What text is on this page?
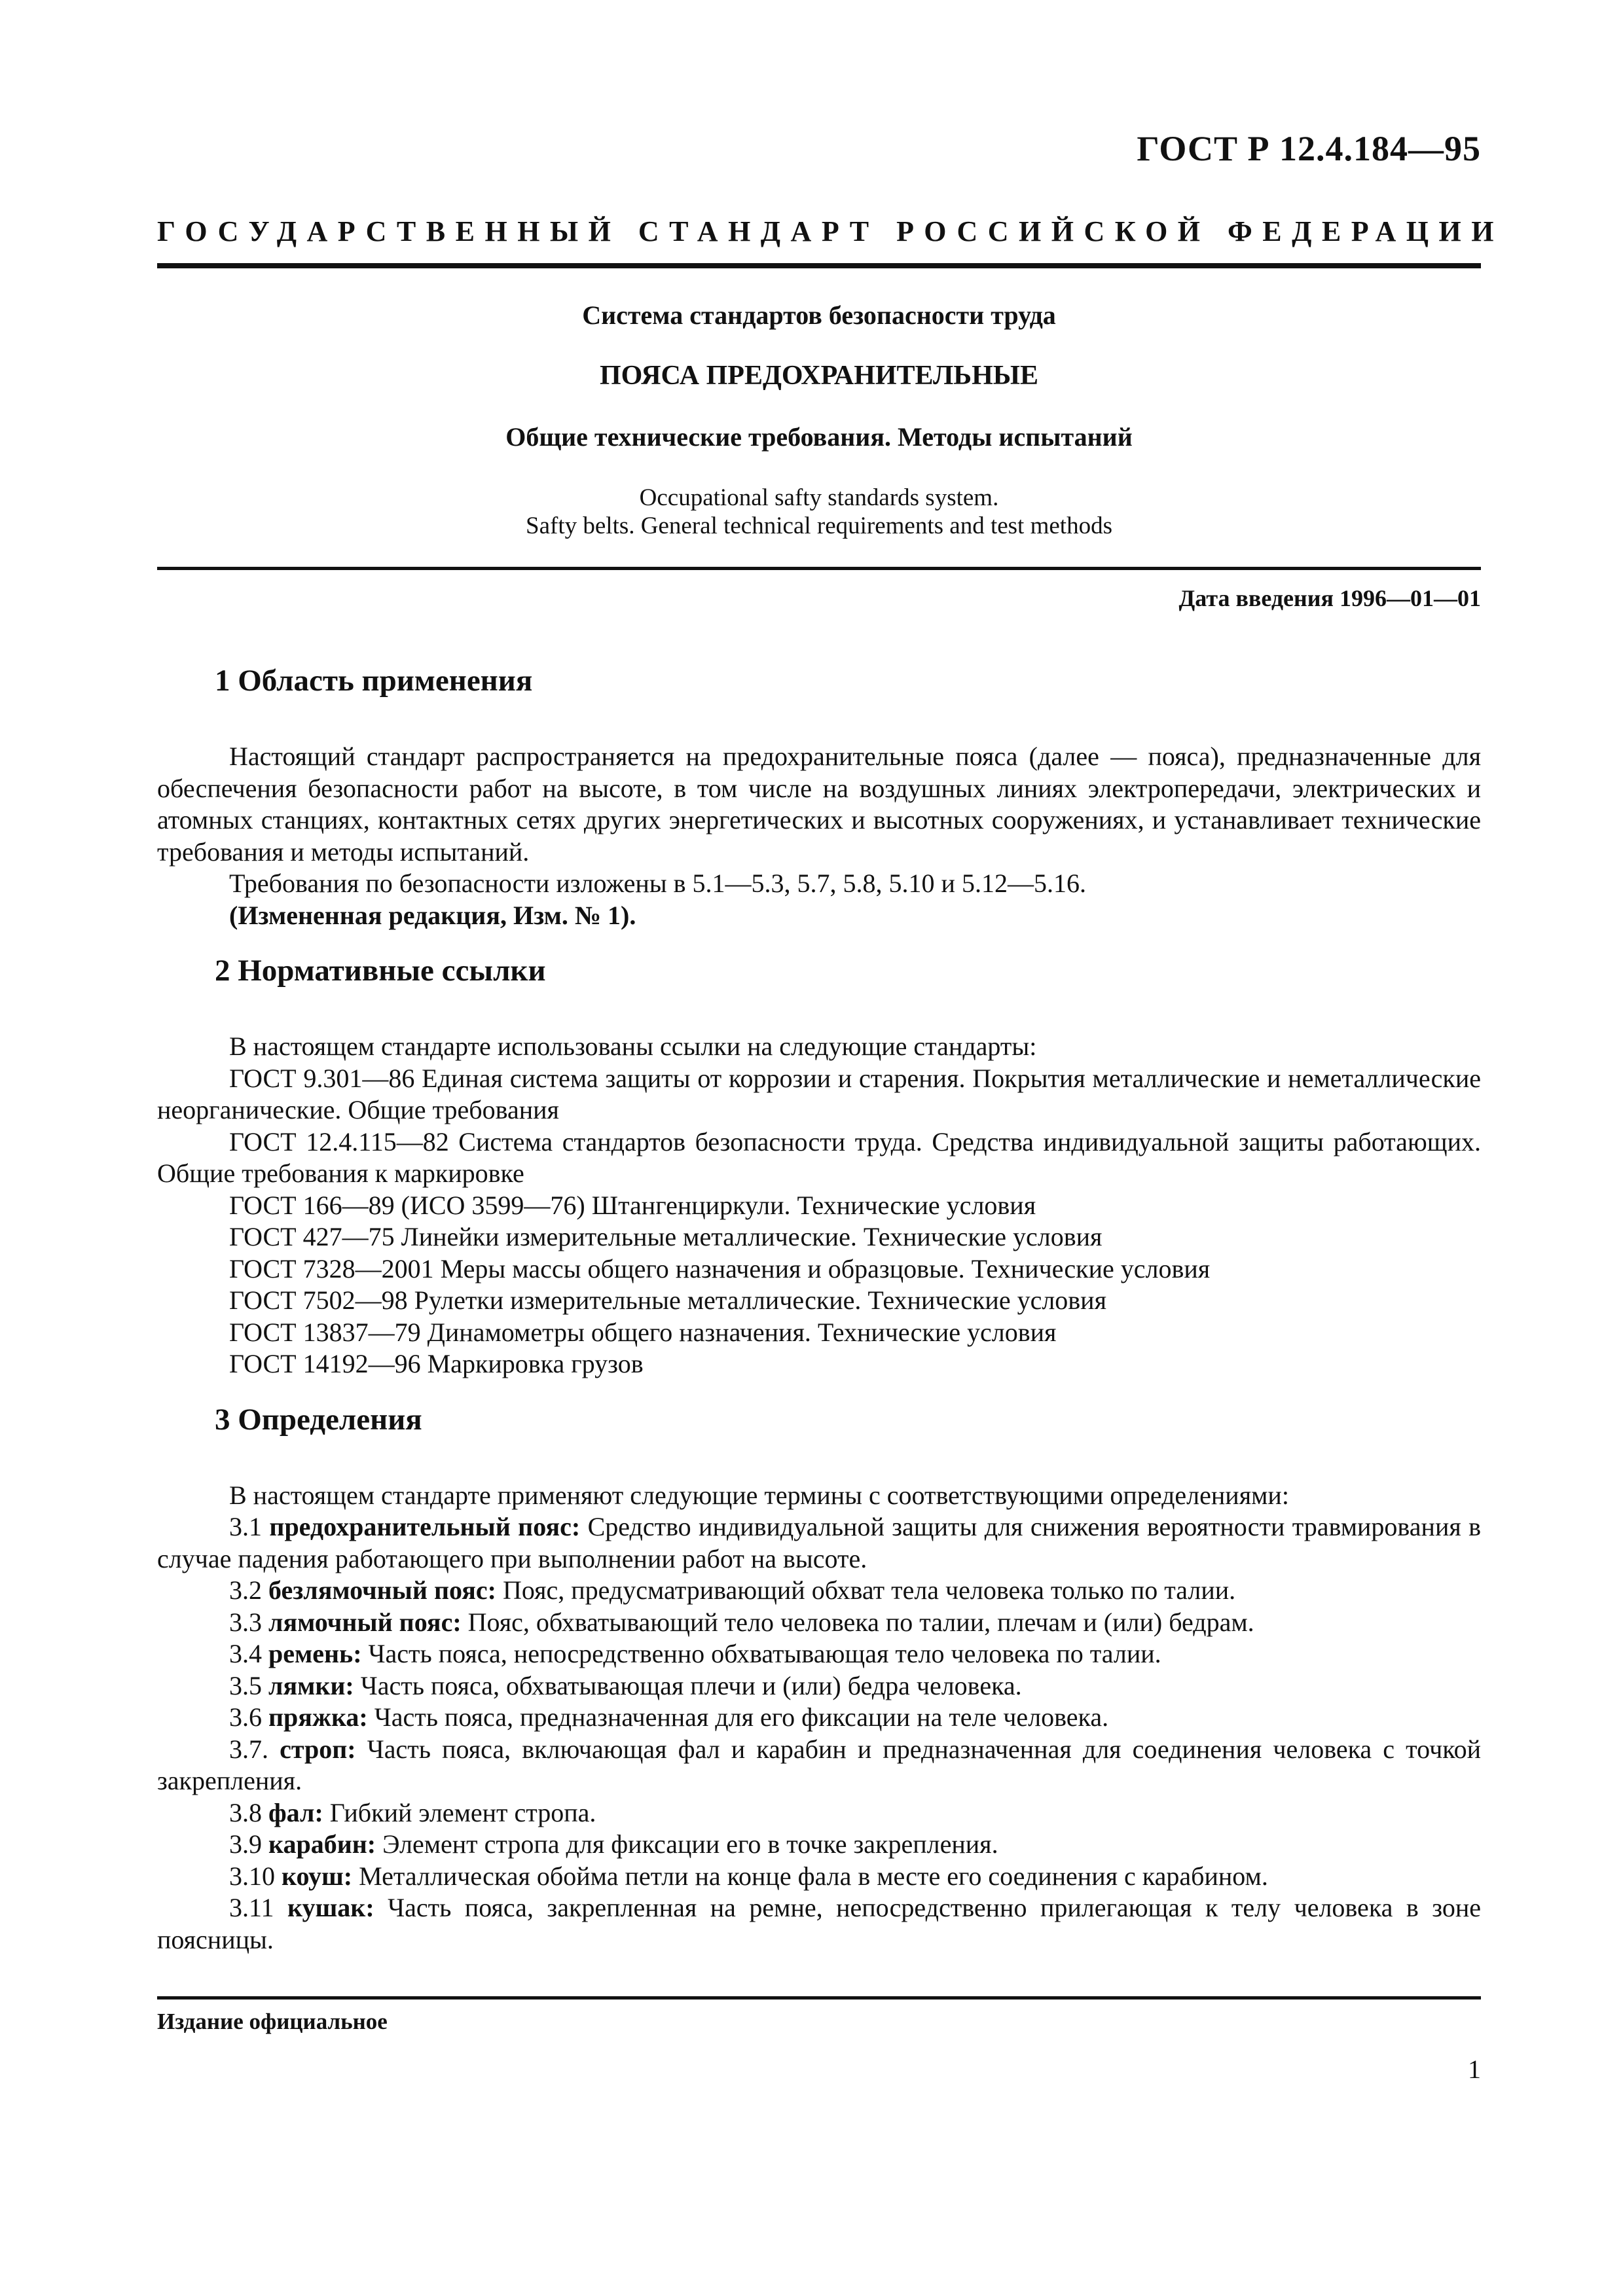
ГОСТ Р 12.4.184—95
ГОСУДАРСТВЕННЫЙ СТАНДАРТ РОССИЙСКОЙ ФЕДЕРАЦИИ
Система стандартов безопасности труда
ПОЯСА ПРЕДОХРАНИТЕЛЬНЫЕ
Общие технические требования. Методы испытаний
Occupational safty standards system.
Safty belts. General technical requirements and test methods
Дата введения 1996—01—01
1 Область применения

Настоящий стандарт распространяется на предохранительные пояса (далее — пояса), предназначенные для обеспечения безопасности работ на высоте, в том числе на воздушных линиях электропередачи, электрических и атомных станциях, контактных сетях других энергетических и высотных сооружениях, и устанавливает технические требования и методы испытаний.

Требования по безопасности изложены в 5.1—5.3, 5.7, 5.8, 5.10 и 5.12—5.16.

(Измененная редакция, Изм. № 1).

2 Нормативные ссылки

В настоящем стандарте использованы ссылки на следующие стандарты:

ГОСТ 9.301—86 Единая система защиты от коррозии и старения. Покрытия металлические и неметаллические неорганические. Общие требования

ГОСТ 12.4.115—82 Система стандартов безопасности труда. Средства индивидуальной защиты работающих. Общие требования к маркировке

ГОСТ 166—89 (ИСО 3599—76) Штангенциркули. Технические условия

ГОСТ 427—75 Линейки измерительные металлические. Технические условия

ГОСТ 7328—2001 Меры массы общего назначения и образцовые. Технические условия

ГОСТ 7502—98 Рулетки измерительные металлические. Технические условия

ГОСТ 13837—79 Динамометры общего назначения. Технические условия

ГОСТ 14192—96 Маркировка грузов

3 Определения

В настоящем стандарте применяют следующие термины с соответствующими определениями:

3.1 предохранительный пояс: Средство индивидуальной защиты для снижения вероятности травмирования в случае падения работающего при выполнении работ на высоте.

3.2 безлямочный пояс: Пояс, предусматривающий обхват тела человека только по талии.

3.3 лямочный пояс: Пояс, обхватывающий тело человека по талии, плечам и (или) бедрам.

3.4 ремень: Часть пояса, непосредственно обхватывающая тело человека по талии.

3.5 лямки: Часть пояса, обхватывающая плечи и (или) бедра человека.

3.6 пряжка: Часть пояса, предназначенная для его фиксации на теле человека.

3.7. строп: Часть пояса, включающая фал и карабин и предназначенная для соединения человека с точкой закрепления.

3.8 фал: Гибкий элемент стропа.

3.9 карабин: Элемент стропа для фиксации его в точке закрепления.

3.10 коуш: Металлическая обойма петли на конце фала в месте его соединения с карабином.

3.11 кушак: Часть пояса, закрепленная на ремне, непосредственно прилегающая к телу человека в зоне поясницы.

Издание официальное
1
